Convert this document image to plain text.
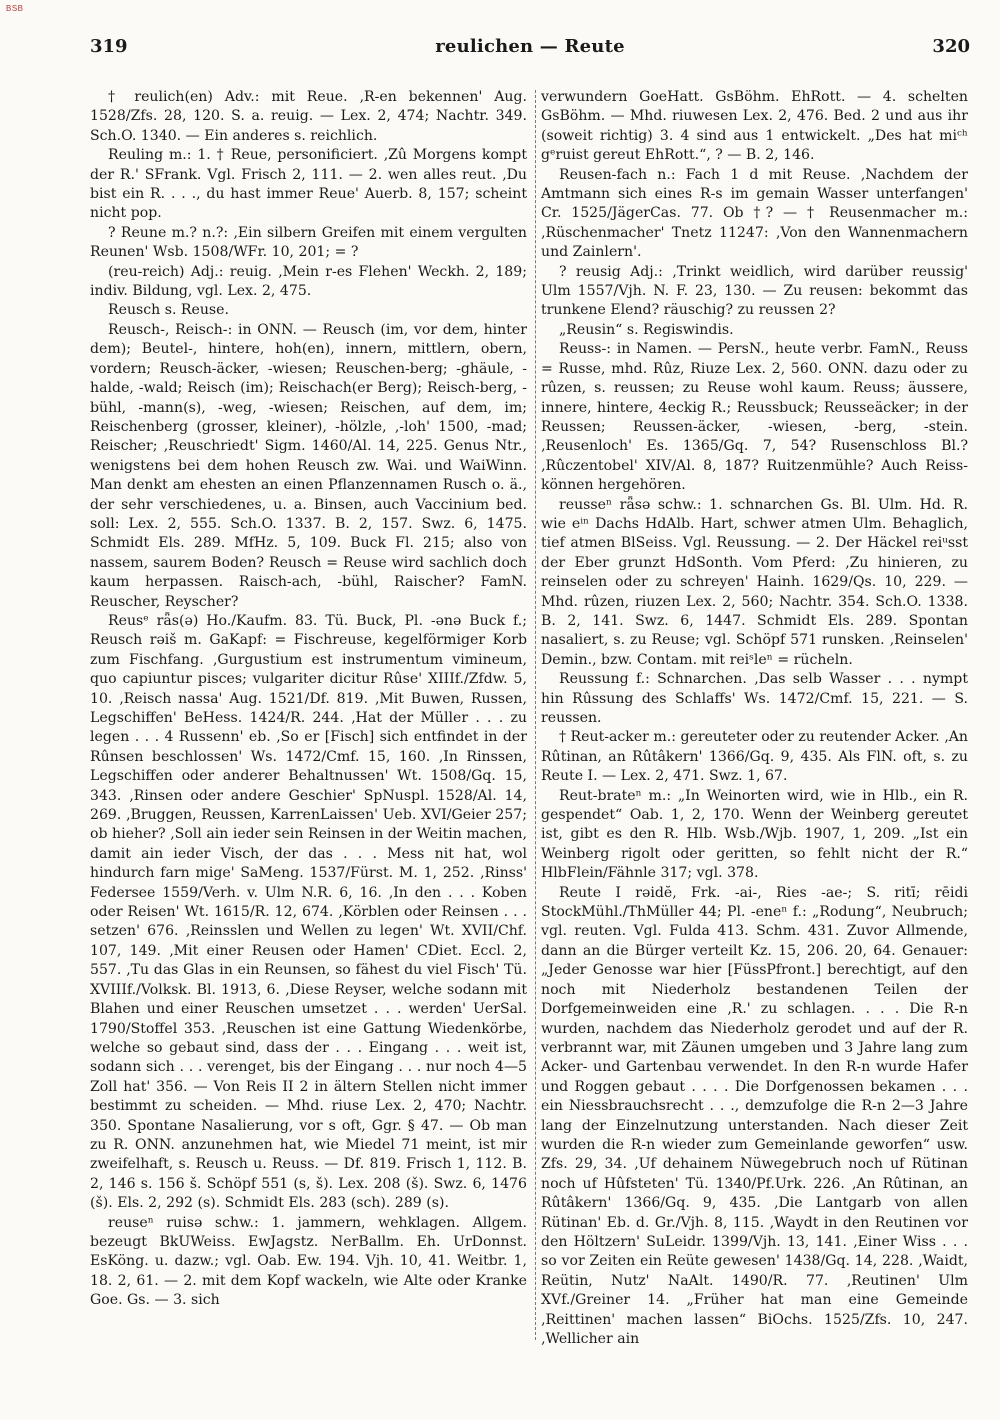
BSB
319	reulichen — Reute	320

† reulich(en) Adv.: mit Reue. ‚R-en bekennen' Aug. 1528/Zfs. 28, 120. S. a. reuig. — Lex. 2, 474; Nachtr. 349. Sch.O. 1340. — Ein anderes s. reichlich.

Reuling m.: 1. † Reue, personificiert. ‚Zû Morgens kompt der R.' SFrank. Vgl. Frisch 2, 111. — 2. wen alles reut. ‚Du bist ein R. . . ., du hast immer Reue' Auerb. 8, 157; scheint nicht pop.

? Reune m.? n.?: ‚Ein silbern Greifen mit einem vergulten Reunen' Wsb. 1508/WFr. 10, 201; = ?

(reu-reich) Adj.: reuig. ‚Mein r-es Flehen' Weckh. 2, 189; indiv. Bildung, vgl. Lex. 2, 475.

Reusch s. Reuse.

Reusch-, Reisch-: in ONN. — Reusch (im, vor dem, hinter dem); Beutel-, hintere, hoh(en), innern, mittlern, obern, vordern; Reusch-äcker, -wiesen; Reuschen-berg; -ghäule, -halde, -wald; Reisch (im); Reischach(er Berg); Reisch-berg, -bühl, -mann(s), -weg, -wiesen; Reischen, auf dem, im; Reischenberg (grosser, kleiner), -hölzle, ‚-loh' 1500, -mad; Reischer; ‚Reuschriedt' Sigm. 1460/Al. 14, 225. Genus Ntr., wenigstens bei dem hohen Reusch zw. Wai. und WaiWinn. Man denkt am ehesten an einen Pflanzennamen Rusch o. ä., der sehr verschiedenes, u. a. Binsen, auch Vaccinium bed. soll: Lex. 2, 555. Sch.O. 1337. B. 2, 157. Swz. 6, 1475. Schmidt Els. 289. MfHz. 5, 109. Buck Fl. 215; also von nassem, saurem Boden? Reusch = Reuse wird sachlich doch kaum herpassen. Raisch-ach, -bühl, Raischer? FamN. Reuscher, Reyscher?

Reusᵉ rǟs(ə) Ho./Kaufm. 83. Tü. Buck, Pl. -ənə Buck f.; Reusch rǝiš m. GaKapf: = Fischreuse, kegelförmiger Korb zum Fischfang. ‚Gurgustium est instrumentum vimineum, quo capiuntur pisces; vulgariter dicitur Rûse' XIIIf./Zfdw. 5, 10. ‚Reisch nassa' Aug. 1521/Df. 819. ‚Mit Buwen, Russen, Legschiffen' BeHess. 1424/R. 244. ‚Hat der Müller . . . zu legen . . . 4 Russenn' eb. ‚So er [Fisch] sich entfindet in der Rûnsen beschlossen' Ws. 1472/Cmf. 15, 160. ‚In Rinssen, Legschiffen oder anderer Behaltnussen' Wt. 1508/Gq. 15, 343. ‚Rinsen oder andere Geschier' SpNuspl. 1528/Al. 14, 269. ‚Bruggen, Reussen, KarrenLaissen' Ueb. XVI/Geier 257; ob hieher? ‚Soll ain ieder sein Reinsen in der Weitin machen, damit ain ieder Visch, der das . . . Mess nit hat, wol hindurch farn mige' SaMeng. 1537/Fürst. M. 1, 252. ‚Rinss' Federsee 1559/Verh. v. Ulm N.R. 6, 16. ‚In den . . . Koben oder Reisen' Wt. 1615/R. 12, 674. ‚Körblen oder Reinsen . . . setzen' 676. ‚Reinsslen und Wellen zu legen' Wt. XVII/Chf. 107, 149. ‚Mit einer Reusen oder Hamen' CDiet. Eccl. 2, 557. ‚Tu das Glas in ein Reunsen, so fähest du viel Fisch' Tü. XVIIIf./Volksk. Bl. 1913, 6. ‚Diese Reyser, welche sodann mit Blahen und einer Reuschen umsetzet . . . werden' UerSal. 1790/Stoffel 353. ‚Reuschen ist eine Gattung Wiedenkörbe, welche so gebaut sind, dass der . . . Eingang . . . weit ist, sodann sich . . . verenget, bis der Eingang . . . nur noch 4—5 Zoll hat' 356. — Von Reis II 2 in ältern Stellen nicht immer bestimmt zu scheiden. — Mhd. riuse Lex. 2, 470; Nachtr. 350. Spontane Nasalierung, vor s oft, Ggr. § 47. — Ob man zu R. ONN. anzunehmen hat, wie Miedel 71 meint, ist mir zweifelhaft, s. Reusch u. Reuss. — Df. 819. Frisch 1, 112. B. 2, 146 s. 156 š. Schöpf 551 (s, š). Lex. 208 (š). Swz. 6, 1476 (š). Els. 2, 292 (s). Schmidt Els. 283 (sch). 289 (s).

reuseⁿ ruisə schw.: 1. jammern, wehklagen. Allgem. bezeugt BkUWeiss. EwJagstz. NerBallm. Eh. UrDonnst. EsKöng. u. dazw.; vgl. Oab. Ew. 194. Vjh. 10, 41. Weitbr. 1, 18. 2, 61. — 2. mit dem Kopf wackeln, wie Alte oder Kranke Goe. Gs. — 3. sich

verwundern GoeHatt. GsBöhm. EhRott. — 4. schelten GsBöhm. — Mhd. riuwesen Lex. 2, 476. Bed. 2 und aus ihr (soweit richtig) 3. 4 sind aus 1 entwickelt. „Des hat miᶜʰ gᵉruist gereut EhRott.“, ? — B. 2, 146.

Reusen-fach n.: Fach 1 d mit Reuse. ‚Nachdem der Amtmann sich eines R-s im gemain Wasser unterfangen' Cr. 1525/JägerCas. 77. Ob †? — † Reusenmacher m.: ‚Rüschenmacher' Tnetz 11247: ‚Von den Wannenmachern und Zainlern'.

? reusig Adj.: ‚Trinkt weidlich, wird darüber reussig' Ulm 1557/Vjh. N. F. 23, 130. — Zu reusen: bekommt das trunkene Elend? räuschig? zu reussen 2?

„Reusin“ s. Regiswindis.

Reuss-: in Namen. — PersN., heute verbr. FamN., Reuss = Russe, mhd. Rûz, Riuze Lex. 2, 560. ONN. dazu oder zu rûzen, s. reussen; zu Reuse wohl kaum. Reuss; äussere, innere, hintere, 4eckig R.; Reussbuck; Reusseäcker; in der Reussen; Reussen-äcker, -wiesen, -berg, -stein. ‚Reusenloch' Es. 1365/Gq. 7, 54? Rusenschloss Bl.? ‚Rûczentobel' XIV/Al. 8, 187? Ruitzenmühle? Auch Reiss- können hergehören.

reusseⁿ rǟsə schw.: 1. schnarchen Gs. Bl. Ulm. Hd. R. wie eⁱⁿ Dachs HdAlb. Hart, schwer atmen Ulm. Behaglich, tief atmen BlSeiss. Vgl. Reussung. — 2. Der Häckel reiᵘsst der Eber grunzt HdSonth. Vom Pferd: ‚Zu hinieren, zu reinselen oder zu schreyen' Hainh. 1629/Qs. 10, 229. — Mhd. rûzen, riuzen Lex. 2, 560; Nachtr. 354. Sch.O. 1338. B. 2, 141. Swz. 6, 1447. Schmidt Els. 289. Spontan nasaliert, s. zu Reuse; vgl. Schöpf 571 runsken. ‚Reinselen' Demin., bzw. Contam. mit reiˢleⁿ = rücheln.

Reussung f.: Schnarchen. ‚Das selb Wasser . . . nympt hin Rûssung des Schlaffs' Ws. 1472/Cmf. 15, 221. — S. reussen.

† Reut-acker m.: gereuteter oder zu reutender Acker. ‚An Rûtinan, an Rûtâkern' 1366/Gq. 9, 435. Als FlN. oft, s. zu Reute I. — Lex. 2, 471. Swz. 1, 67.

Reut-brateⁿ m.: „In Weinorten wird, wie in Hlb., ein R. gespendet“ Oab. 1, 2, 170. Wenn der Weinberg gereutet ist, gibt es den R. Hlb. Wsb./Wjb. 1907, 1, 209. „Ist ein Weinberg rigolt oder geritten, so fehlt nicht der R.“ HlbFlein/Fähnle 317; vgl. 378.

Reute I rǝidĕ, Frk. -ai-, Ries -ae-; S. ritī; rēidi StockMühl./ThMüller 44; Pl. -eneⁿ f.: „Rodung“, Neubruch; vgl. reuten. Vgl. Fulda 413. Schm. 431. Zuvor Allmende, dann an die Bürger verteilt Kz. 15, 206. 20, 64. Genauer: „Jeder Genosse war hier [FüssPfront.] berechtigt, auf den noch mit Niederholz bestandenen Teilen der Dorfgemeinweiden eine ‚R.' zu schlagen. . . . Die R-n wurden, nachdem das Niederholz gerodet und auf der R. verbrannt war, mit Zäunen umgeben und 3 Jahre lang zum Acker- und Gartenbau verwendet. In den R-n wurde Hafer und Roggen gebaut . . . . Die Dorfgenossen bekamen . . . ein Niessbrauchsrecht . . ., demzufolge die R-n 2—3 Jahre lang der Einzelnutzung unterstanden. Nach dieser Zeit wurden die R-n wieder zum Gemeinlande geworfen“ usw. Zfs. 29, 34. ‚Uf dehainem Nüwegebruch noch uf Rütinan noch uf Hûfsteten' Tü. 1340/Pf.Urk. 226. ‚An Rûtinan, an Rûtâkern' 1366/Gq. 9, 435. ‚Die Lantgarb von allen Rütinan' Eb. d. Gr./Vjh. 8, 115. ‚Waydt in den Reutinen vor den Höltzern' SuLeidr. 1399/Vjh. 13, 141. ‚Einer Wiss . . . so vor Zeiten ein Reüte gewesen' 1438/Gq. 14, 228. ‚Waidt, Reütin, Nutz' NaAlt. 1490/R. 77. ‚Reutinen' Ulm XVf./Greiner 14. „Früher hat man eine Gemeinde ‚Reittinen' machen lassen“ BiOchs. 1525/Zfs. 10, 247. ‚Wellicher ain
